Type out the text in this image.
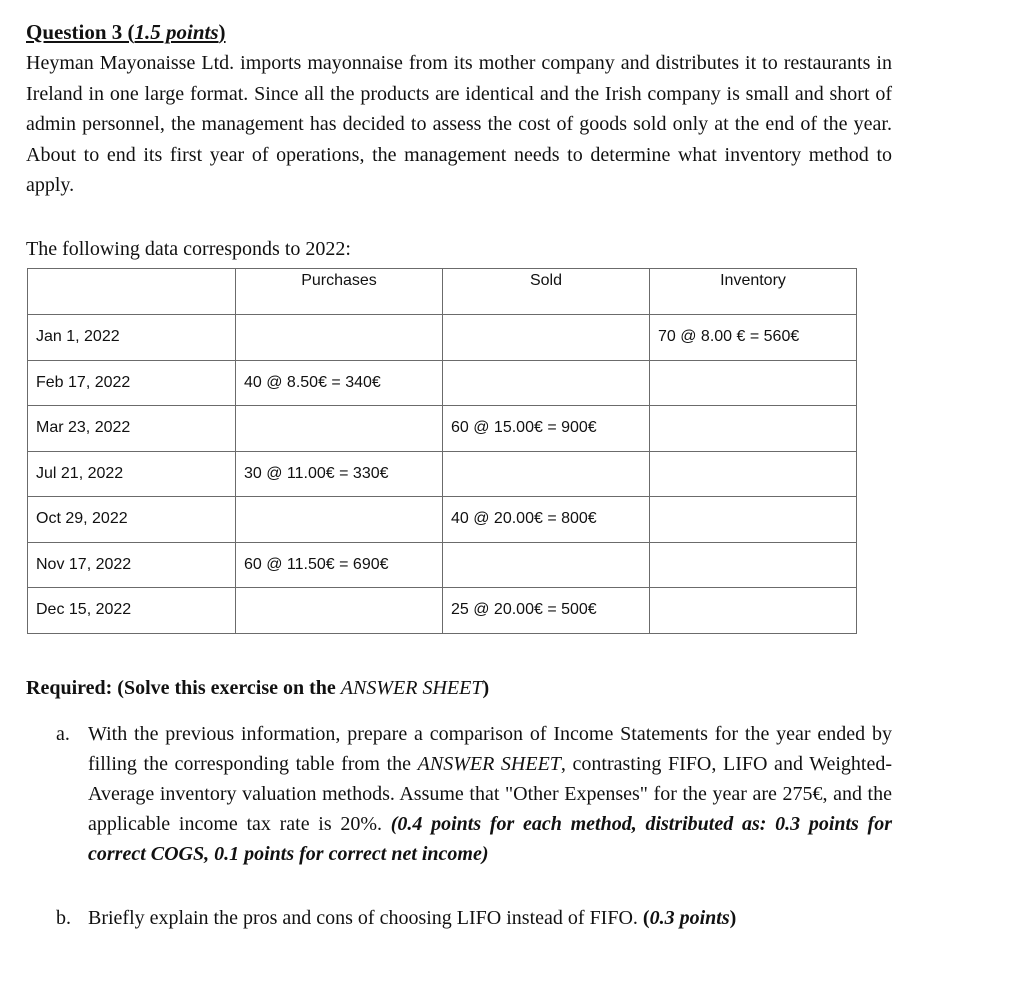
Question 3 (1.5 points)

Heyman Mayonaisse Ltd. imports mayonnaise from its mother company and distributes it to restaurants in Ireland in one large format. Since all the products are identical and the Irish company is small and short of admin personnel, the management has decided to assess the cost of goods sold only at the end of the year. About to end its first year of operations, the management needs to determine what inventory method to apply.

The following data corresponds to 2022:

	Purchases	Sold	Inventory
Jan 1, 2022			70 @ 8.00 € = 560€
Feb 17, 2022	40 @ 8.50€ = 340€		
Mar 23, 2022		60 @ 15.00€ = 900€	
Jul 21, 2022	30 @ 11.00€ = 330€		
Oct 29, 2022		40 @ 20.00€ = 800€	
Nov 17, 2022	60 @ 11.50€ = 690€		
Dec 15, 2022		25 @ 20.00€ = 500€	

Required: (Solve this exercise on the ANSWER SHEET)

a. With the previous information, prepare a comparison of Income Statements for the year ended by filling the corresponding table from the ANSWER SHEET, contrasting FIFO, LIFO and Weighted-Average inventory valuation methods. Assume that "Other Expenses" for the year are 275€, and the applicable income tax rate is 20%. (0.4 points for each method, distributed as: 0.3 points for correct COGS, 0.1 points for correct net income)
b. Briefly explain the pros and cons of choosing LIFO instead of FIFO. (0.3 points)
